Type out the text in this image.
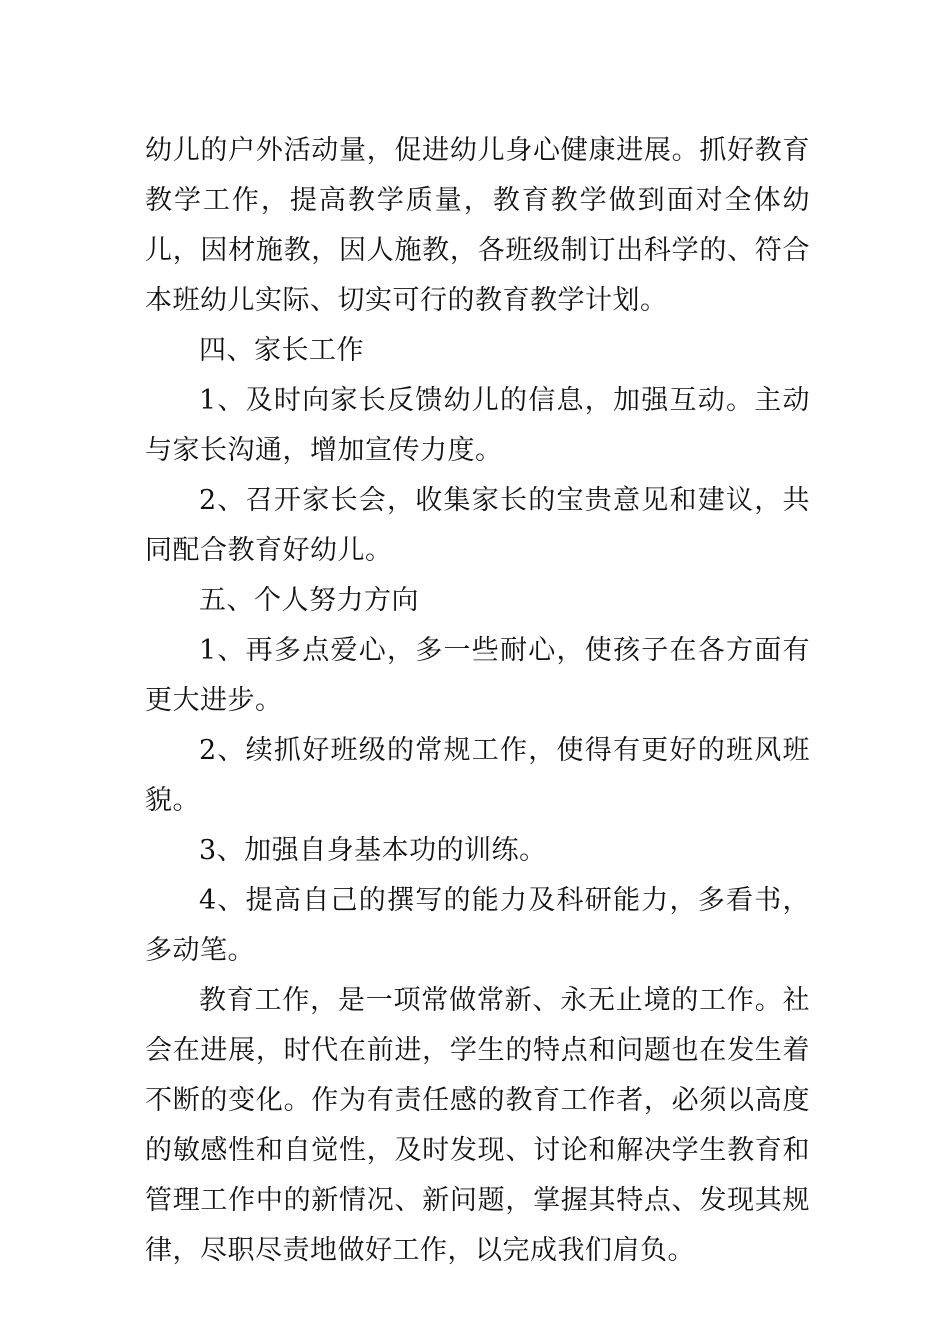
幼儿的户外活动量，促进幼儿身心健康进展。抓好教育教学工作，提高教学质量，教育教学做到面对全体幼儿，因材施教，因人施教，各班级制订出科学的、符合本班幼儿实际、切实可行的教育教学计划。

四、家长工作

1、及时向家长反馈幼儿的信息，加强互动。主动与家长沟通，增加宣传力度。

2、召开家长会，收集家长的宝贵意见和建议，共同配合教育好幼儿。

五、个人努力方向

1、再多点爱心，多一些耐心，使孩子在各方面有更大进步。

2、续抓好班级的常规工作，使得有更好的班风班貌。

3、加强自身基本功的训练。

4、提高自己的撰写的能力及科研能力，多看书，多动笔。

教育工作，是一项常做常新、永无止境的工作。社会在进展，时代在前进，学生的特点和问题也在发生着不断的变化。作为有责任感的教育工作者，必须以高度的敏感性和自觉性，及时发现、讨论和解决学生教育和管理工作中的新情况、新问题，掌握其特点、发现其规律，尽职尽责地做好工作，以完成我们肩负。
